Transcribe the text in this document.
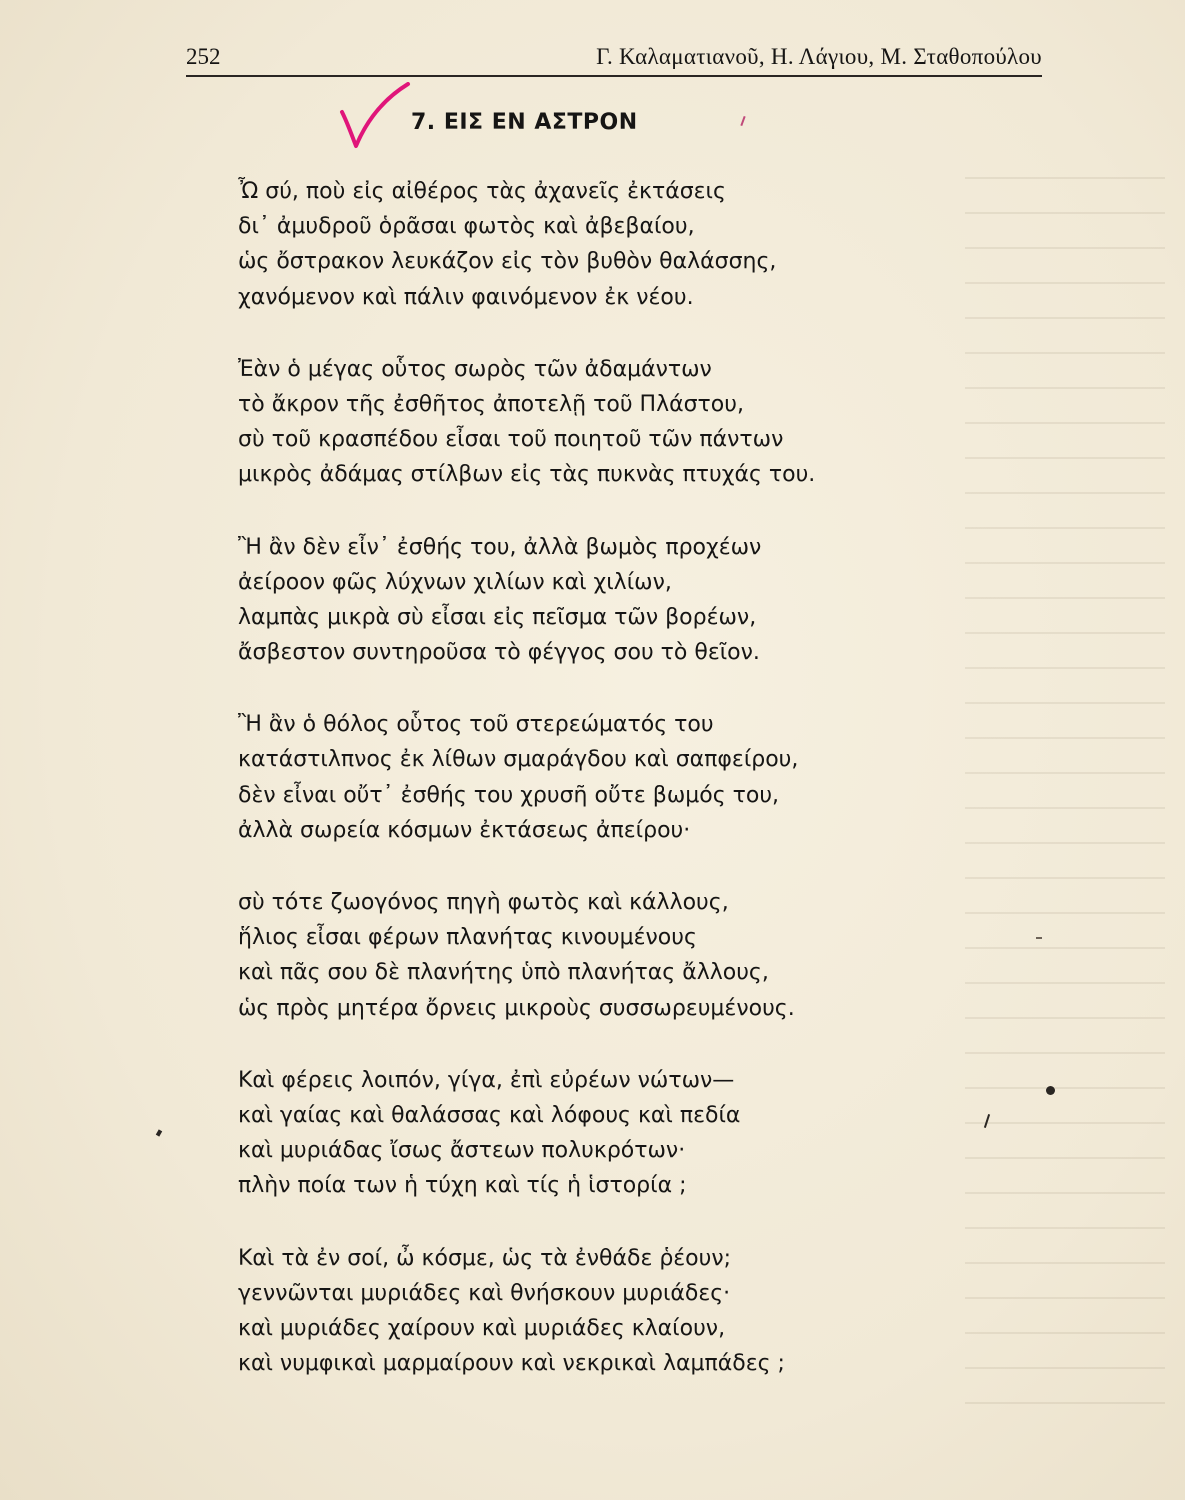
252	Γ. Καλαματιανοῦ, Η. Λάγιου, Μ. Σταθοπούλου
7. ΕΙΣ ΕΝ ΑΣΤΡΟΝ
Ὦ σύ, ποὺ εἰς αἰθέρος τὰς ἀχανεῖς ἐκτάσεις
δι᾽ ἀμυδροῦ ὁρᾶσαι φωτὸς καὶ ἀβεβαίου,
ὡς ὄστρακον λευκάζον εἰς τὸν βυθὸν θαλάσσης,
χανόμενον καὶ πάλιν φαινόμενον ἐκ νέου.
Ἐὰν ὁ μέγας οὗτος σωρὸς τῶν ἀδαμάντων
τὸ ἄκρον τῆς ἐσθῆτος ἀποτελῇ τοῦ Πλάστου,
σὺ τοῦ κρασπέδου εἶσαι τοῦ ποιητοῦ τῶν πάντων
μικρὸς ἀδάμας στίλβων εἰς τὰς πυκνὰς πτυχάς του.
Ἢ ἂν δὲν εἶν᾽ ἐσθής του, ἀλλὰ βωμὸς προχέων
ἀείροον φῶς λύχνων χιλίων καὶ χιλίων,
λαμπὰς μικρὰ σὺ εἶσαι εἰς πεῖσμα τῶν βορέων,
ἄσβεστον συντηροῦσα τὸ φέγγος σου τὸ θεῖον.
Ἢ ἂν ὁ θόλος οὗτος τοῦ στερεώματός του
κατάστιλπνος ἐκ λίθων σμαράγδου καὶ σαπφείρου,
δὲν εἶναι οὔτ᾽ ἐσθής του χρυσῆ οὔτε βωμός του,
ἀλλὰ σωρεία κόσμων ἐκτάσεως ἀπείρου·
σὺ τότε ζωογόνος πηγὴ φωτὸς καὶ κάλλους,
ἥλιος εἶσαι φέρων πλανήτας κινουμένους
καὶ πᾶς σου δὲ πλανήτης ὑπὸ πλανήτας ἄλλους,
ὡς πρὸς μητέρα ὄρνεις μικροὺς συσσωρευμένους.
Καὶ φέρεις λοιπόν, γίγα, ἐπὶ εὐρέων νώτων—
καὶ γαίας καὶ θαλάσσας καὶ λόφους καὶ πεδία
καὶ μυριάδας ἴσως ἄστεων πολυκρότων·
πλὴν ποία των ἡ τύχη καὶ τίς ἡ ἱστορία ;
Καὶ τὰ ἐν σοί, ὦ κόσμε, ὡς τὰ ἐνθάδε ῥέουν;
γεννῶνται μυριάδες καὶ θνήσκουν μυριάδες·
καὶ μυριάδες χαίρουν καὶ μυριάδες κλαίουν,
καὶ νυμφικαὶ μαρμαίρουν καὶ νεκρικαὶ λαμπάδες ;
